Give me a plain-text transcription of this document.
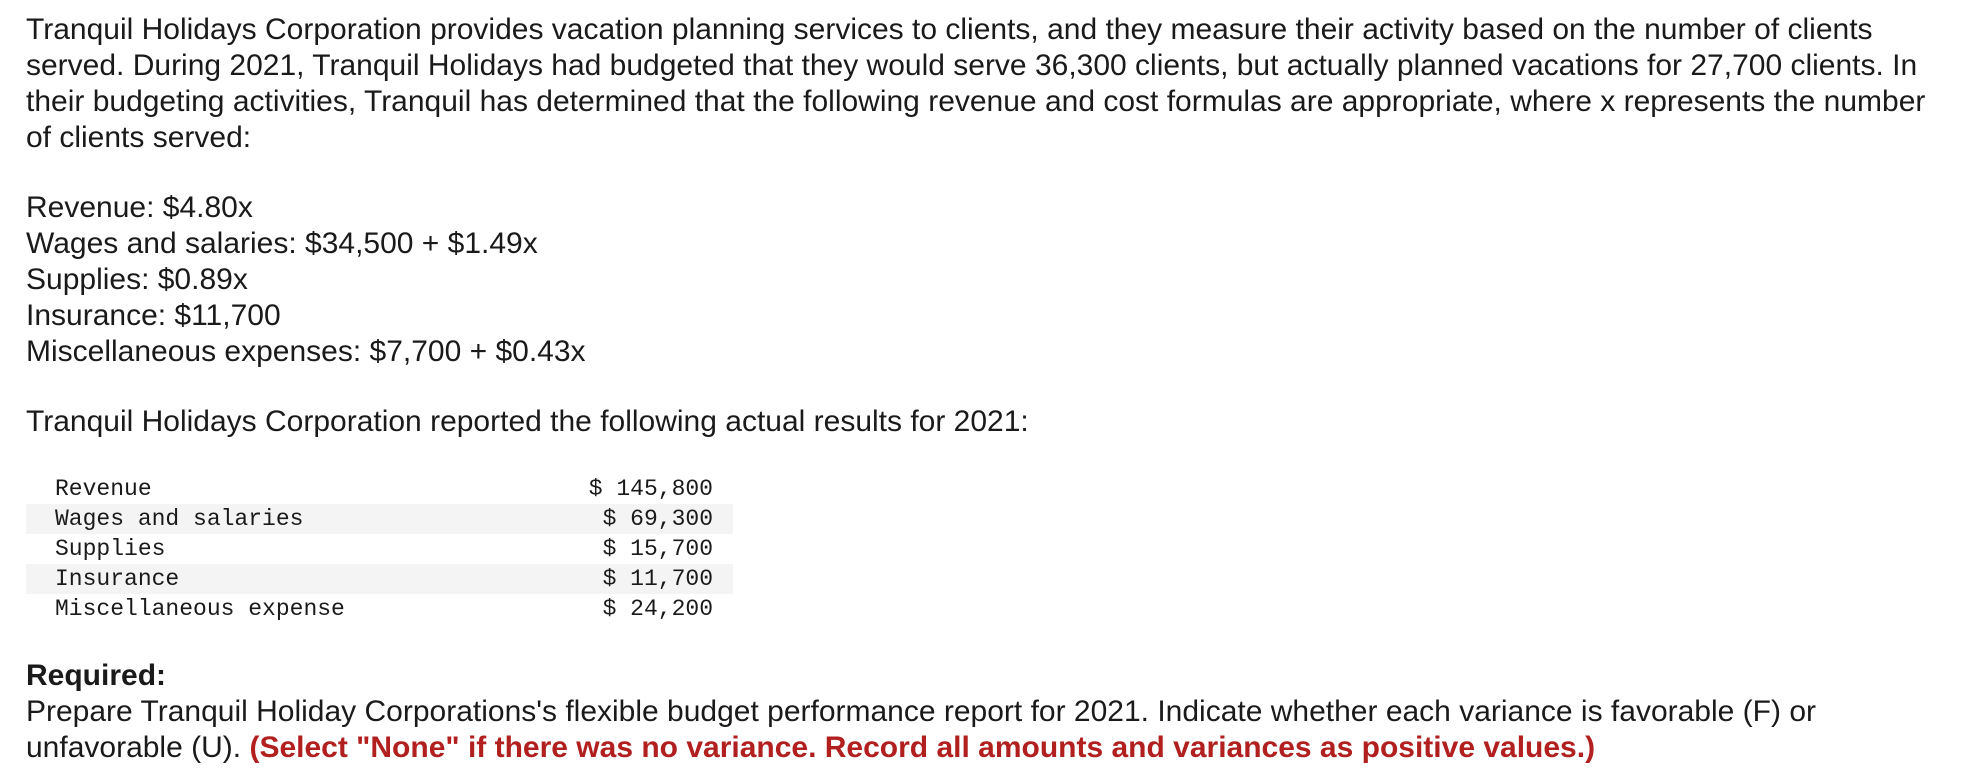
Tranquil Holidays Corporation provides vacation planning services to clients, and they measure their activity based on the number of clients served. During 2021, Tranquil Holidays had budgeted that they would serve 36,300 clients, but actually planned vacations for 27,700 clients. In their budgeting activities, Tranquil has determined that the following revenue and cost formulas are appropriate, where x represents the number of clients served:

Revenue: $4.80x
Wages and salaries: $34,500 + $1.49x
Supplies: $0.89x
Insurance: $11,700
Miscellaneous expenses: $7,700 + $0.43x
Tranquil Holidays Corporation reported the following actual results for 2021:
Revenue	$ 145,800
Wages and salaries	$ 69,300
Supplies	$ 15,700
Insurance	$ 11,700
Miscellaneous expense	$ 24,200
Required:

Prepare Tranquil Holiday Corporations's flexible budget performance report for 2021. Indicate whether each variance is favorable (F) or unfavorable (U). (Select "None" if there was no variance. Record all amounts and variances as positive values.)
